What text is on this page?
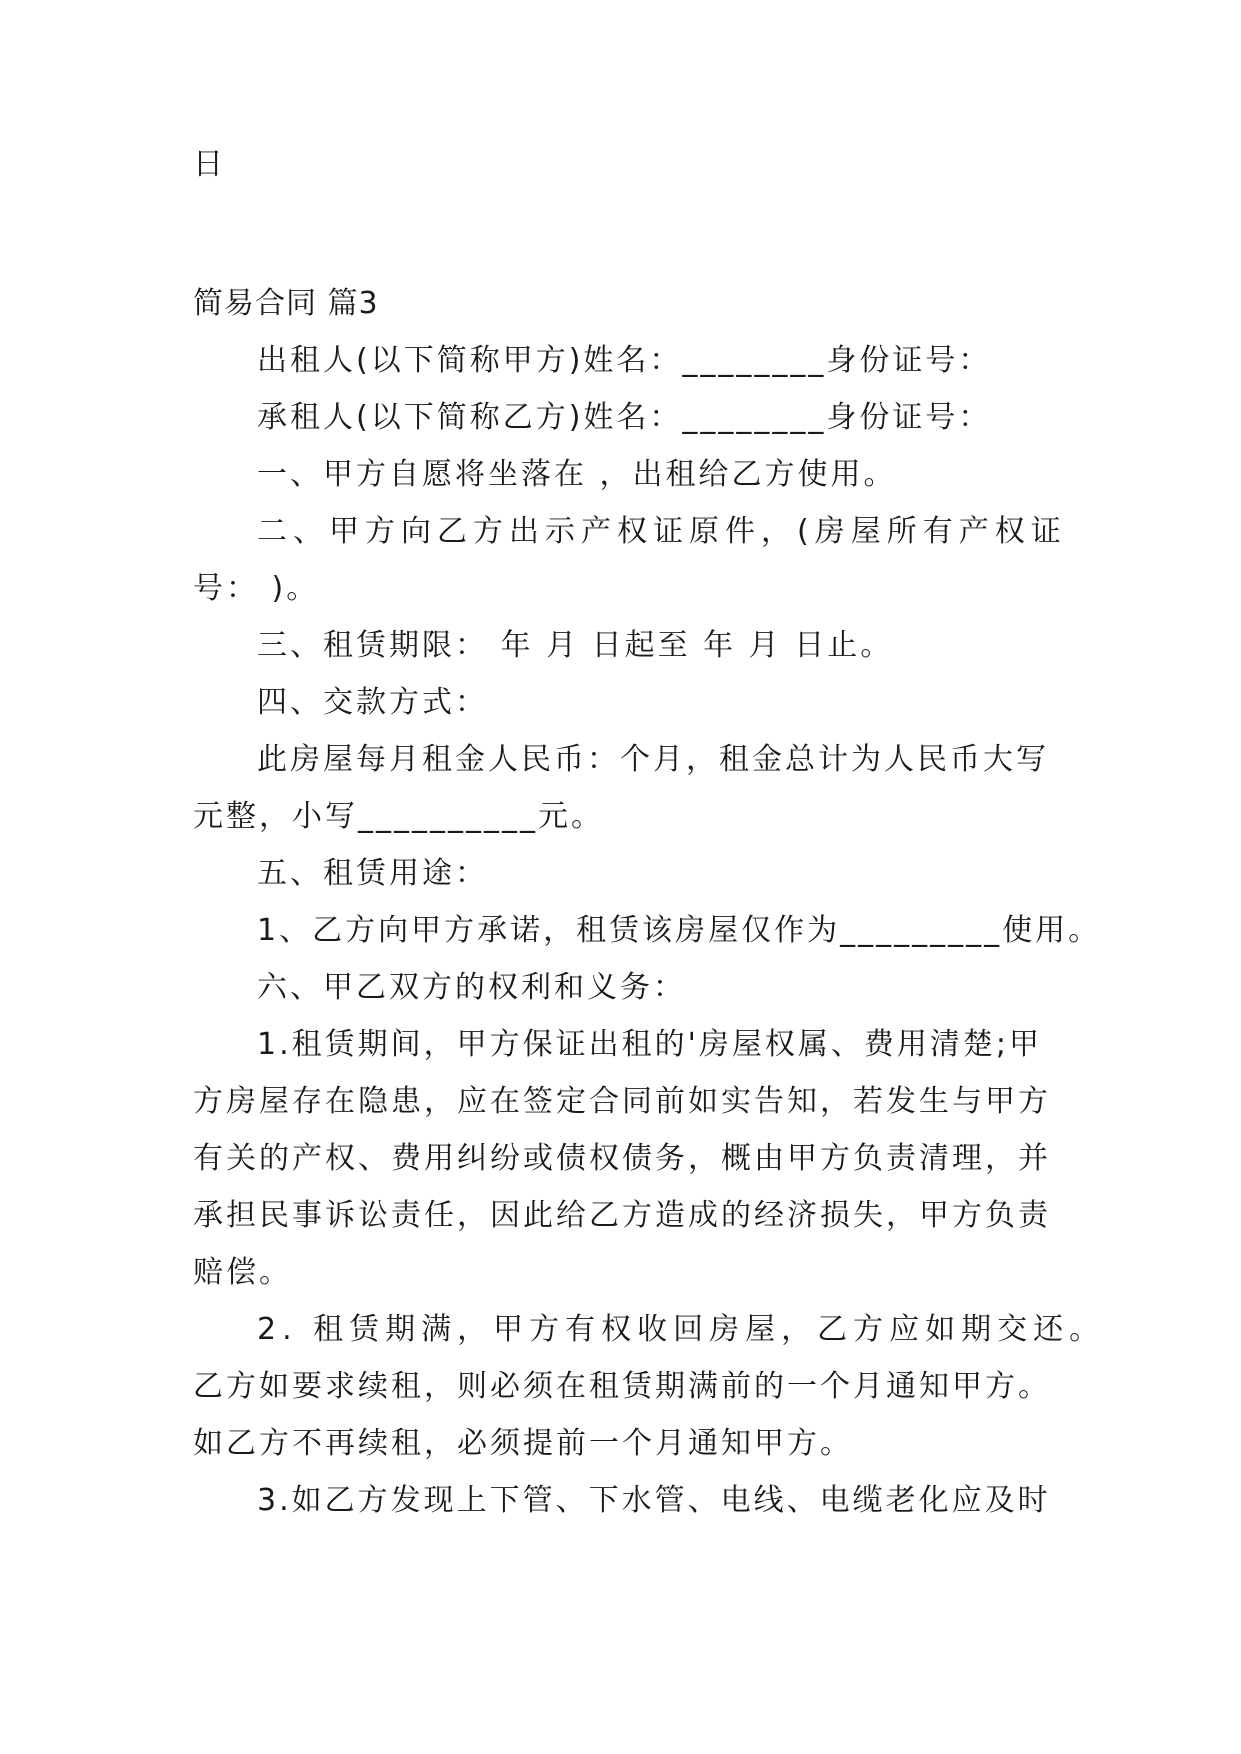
日
简易合同 篇3
出租人(以下简称甲方)姓名：________身份证号：
承租人(以下简称乙方)姓名：________身份证号：
一、甲方自愿将坐落在 ，出租给乙方使用。
二、甲方向乙方出示产权证原件，(房屋所有产权证
号： )。
三、租赁期限： 年 月 日起至 年 月 日止。
四、交款方式：
此房屋每月租金人民币：个月，租金总计为人民币大写
元整，小写__________元。
五、租赁用途：
1、乙方向甲方承诺，租赁该房屋仅作为_________使用。
六、甲乙双方的权利和义务：
1.租赁期间，甲方保证出租的'房屋权属、费用清楚;甲
方房屋存在隐患，应在签定合同前如实告知，若发生与甲方
有关的产权、费用纠纷或债权债务，概由甲方负责清理，并
承担民事诉讼责任，因此给乙方造成的经济损失，甲方负责
赔偿。
2. 租赁期满，甲方有权收回房屋，乙方应如期交还。
乙方如要求续租，则必须在租赁期满前的一个月通知甲方。
如乙方不再续租，必须提前一个月通知甲方。
3.如乙方发现上下管、下水管、电线、电缆老化应及时
